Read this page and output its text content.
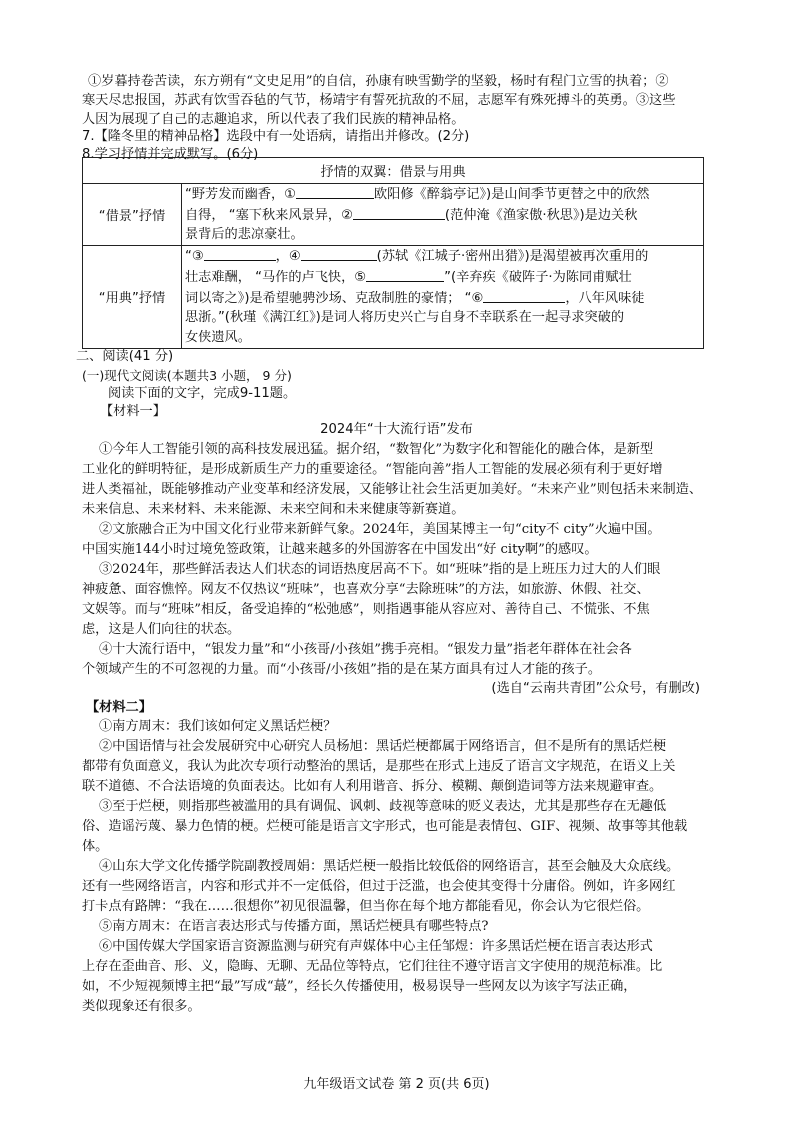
①岁暮持卷苦读，东方朔有“文史足用”的自信，孙康有映雪勤学的坚毅，杨时有程门立雪的执着；②
寒天尽忠报国，苏武有饮雪吞毡的气节，杨靖宇有誓死抗敌的不屈，志愿军有殊死搏斗的英勇。③这些
人因为展现了自己的志趣追求，所以代表了我们民族的精神品格。
7.【隆冬里的精神品格】选段中有一处语病，请指出并修改。(2分)
8.学习抒情并完成默写。(6分)
抒情的双翼：借景与用典	
“借景”抒情	“野芳发而幽香，① 欧阳修《醉翁亭记》)是山间季节更替之中的欣然
自得， “塞下秋来风景异，② (范仲淹《渔家傲·秋思》)是边关秋
景背后的悲凉豪壮。
“用典”抒情	“③ ，④ (苏轼《江城子·密州出猎》)是渴望被再次重用的
壮志难酬， “马作的卢飞快，⑤ ”(辛弃疾《破阵子·为陈同甫赋壮
词以寄之》)是希望驰骋沙场、克敌制胜的豪情； “⑥ ，八年风味徒
思浙。”(秋瑾《满江红》)是词人将历史兴亡与自身不幸联系在一起寻求突破的
女侠遗风。
二、阅读(41 分)
(一)现代文阅读(本题共3 小题， 9 分)
阅读下面的文字，完成9-11题。
【材料一】
2024年“十大流行语”发布
①今年人工智能引领的高科技发展迅猛。据介绍，“数智化”为数字化和智能化的融合体，是新型
工业化的鲜明特征，是形成新质生产力的重要途径。“智能向善”指人工智能的发展必须有利于更好增
进人类福祉，既能够推动产业变革和经济发展，又能够让社会生活更加美好。“未来产业”则包括未来制造、
未来信息、未来材料、未来能源、未来空间和未来健康等新赛道。
②文旅融合正为中国文化行业带来新鲜气象。2024年，美国某博主一句“city不 city”火遍中国。
中国实施144小时过境免签政策，让越来越多的外国游客在中国发出“好 city啊”的感叹。
③2024年，那些鲜活表达人们状态的词语热度居高不下。如“班味”指的是上班压力过大的人们眼
神疲惫、面容憔悴。网友不仅热议“班味”，也喜欢分享“去除班味”的方法，如旅游、休假、社交、
文娱等。而与“班味”相反，备受追捧的“松弛感”，则指遇事能从容应对、善待自己、不慌张、不焦
虑，这是人们向往的状态。
④十大流行语中，“银发力量”和“小孩哥/小孩姐”携手亮相。“银发力量”指老年群体在社会各
个领域产生的不可忽视的力量。而“小孩哥/小孩姐”指的是在某方面具有过人才能的孩子。
(选自“云南共青团”公众号，有删改)
【材料二】
①南方周末：我们该如何定义黑话烂梗？
②中国语情与社会发展研究中心研究人员杨旭：黑话烂梗都属于网络语言，但不是所有的黑话烂梗
都带有负面意义，我认为此次专项行动整治的黑话，是那些在形式上违反了语言文字规范，在语义上关
联不道德、不合法语境的负面表达。比如有人利用谐音、拆分、模糊、颠倒造词等方法来规避审查。
③至于烂梗，则指那些被滥用的具有调侃、讽刺、歧视等意味的贬义表达，尤其是那些存在无趣低
俗、造谣污蔑、暴力色情的梗。烂梗可能是语言文字形式，也可能是表情包、GIF、视频、故事等其他载
体。
④山东大学文化传播学院副教授周娟：黑话烂梗一般指比较低俗的网络语言，甚至会触及大众底线。
还有一些网络语言，内容和形式并不一定低俗，但过于泛滥，也会使其变得十分庸俗。例如，许多网红
打卡点有路牌：“我在……很想你”初见很温馨，但当你在每个地方都能看见，你会认为它很烂俗。
⑤南方周末：在语言表达形式与传播方面，黑话烂梗具有哪些特点?
⑥中国传媒大学国家语言资源监测与研究有声媒体中心主任邹煜：许多黑话烂梗在语言表达形式
上存在歪曲音、形、义，隐晦、无聊、无品位等特点，它们往往不遵守语言文字使用的规范标准。比
如，不少短视频博主把“最”写成“蕞”，经长久传播使用，极易误导一些网友以为该字写法正确，
类似现象还有很多。
九年级语文试卷 第 2 页(共 6页)
